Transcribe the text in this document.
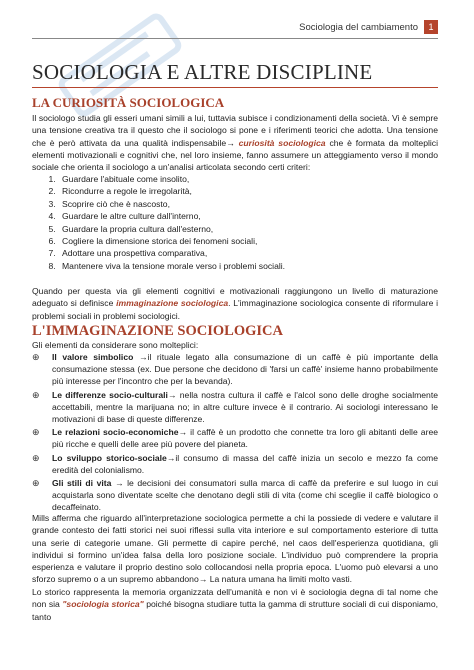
Sociologia del cambiamento	1
SOCIOLOGIA E ALTRE DISCIPLINE
LA CURIOSITÀ SOCIOLOGICA
Il sociologo studia gli esseri umani simili a lui, tuttavia subisce i condizionamenti della società. Vi è sempre una tensione creativa tra il questo che il sociologo si pone e i riferimenti teorici che adotta. Una tensione che è però attivata da una qualità indispensabile→ curiosità sociologica che è formata da molteplici elementi motivazionali e cognitivi che, nel loro insieme, fanno assumere un atteggiamento verso il mondo sociale che orienta il sociologo a un'analisi articolata secondo certi criteri:
1. Guardare l'abituale come insolito,
2. Ricondurre a regole le irregolarità,
3. Scoprire ciò che è nascosto,
4. Guardare le altre culture dall'interno,
5. Guardare la propria cultura dall'esterno,
6. Cogliere la dimensione storica dei fenomeni sociali,
7. Adottare una prospettiva comparativa,
8. Mantenere viva la tensione morale verso i problemi sociali.
Quando per questa via gli elementi cognitivi e motivazionali raggiungono un livello di maturazione adeguato si definisce immaginazione sociologica. L'immaginazione sociologica consente di riformulare i problemi sociali in problemi sociologici.
L'IMMAGINAZIONE SOCIOLOGICA
Gli elementi da considerare sono molteplici:
⊕	Il valore simbolico →il rituale legato alla consumazione di un caffè è più importante della consumazione stessa (ex. Due persone che decidono di 'farsi un caffè' insieme hanno probabilmente più interesse per l'incontro che per la bevanda).
⊕	Le differenze socio-culturali→ nella nostra cultura il caffè e l'alcol sono delle droghe socialmente accettabili, mentre la marijuana no; in altre culture invece è il contrario. Ai sociologi interessano le motivazioni di base di queste differenze.
⊕	Le relazioni socio-economiche→ il caffè è un prodotto che connette tra loro gli abitanti delle aree più ricche e quelli delle aree più povere del pianeta.
⊕	Lo sviluppo storico-sociale→il consumo di massa del caffè inizia un secolo e mezzo fa come eredità del colonialismo.
⊕	Gli stili di vita → le decisioni dei consumatori sulla marca di caffè da preferire e sul luogo in cui acquistarla sono diventate scelte che denotano degli stili di vita (come chi sceglie il caffè biologico o decaffeinato.
Mills afferma che riguardo all'interpretazione sociologica permette a chi la possiede di vedere e valutare il grande contesto dei fatti storici nei suoi riflessi sulla vita interiore e sul comportamento esteriore di tutta una serie di categorie umane. Gli permette di capire perché, nel caos dell'esperienza quotidiana, gli individui si formino un'idea falsa della loro posizione sociale. L'individuo può comprendere la propria esperienza e valutare il proprio destino solo collocandosi nella propria epoca. L'uomo può elevarsi a uno sforzo supremo o a un supremo abbandono→ La natura umana ha limiti molto vasti.
Lo storico rappresenta la memoria organizzata dell'umanità e non vi è sociologia degna di tal nome che non sia "sociologia storica" poiché bisogna studiare tutta la gamma di strutture sociali di cui disponiamo, tanto
